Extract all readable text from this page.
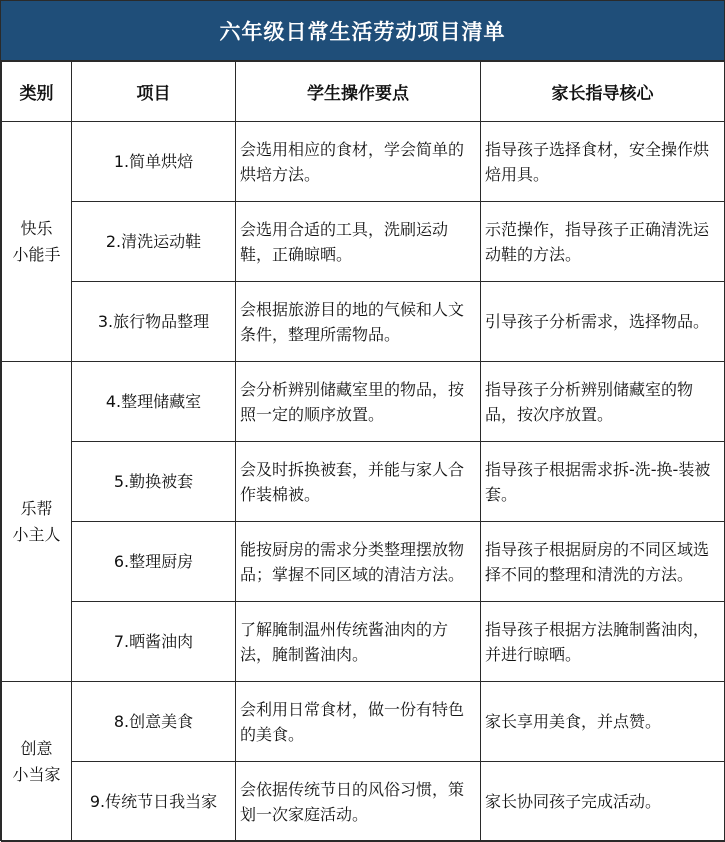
六年级日常生活劳动项目清单
类别	项目	学生操作要点	家长指导核心
快乐
小能手	1.简单烘焙	会选用相应的食材，学会简单的烘培方法。	指导孩子选择食材，安全操作烘焙用具。
	2.清洗运动鞋	会选用合适的工具，洗刷运动鞋，正确晾晒。	示范操作，指导孩子正确清洗运动鞋的方法。
	3.旅行物品整理	会根据旅游目的地的气候和人文条件，整理所需物品。	引导孩子分析需求，选择物品。
乐帮
小主人	4.整理储藏室	会分析辨别储藏室里的物品，按照一定的顺序放置。	指导孩子分析辨别储藏室的物品，按次序放置。
	5.勤换被套	会及时拆换被套，并能与家人合作装棉被。	指导孩子根据需求拆-洗-换-装被套。
	6.整理厨房	能按厨房的需求分类整理摆放物品；掌握不同区域的清洁方法。	指导孩子根据厨房的不同区域选择不同的整理和清洗的方法。
	7.晒酱油肉	了解腌制温州传统酱油肉的方法，腌制酱油肉。	指导孩子根据方法腌制酱油肉，并进行晾晒。
创意
小当家	8.创意美食	会利用日常食材，做一份有特色的美食。	家长享用美食，并点赞。
	9.传统节日我当家	会依据传统节日的风俗习惯，策划一次家庭活动。	家长协同孩子完成活动。
